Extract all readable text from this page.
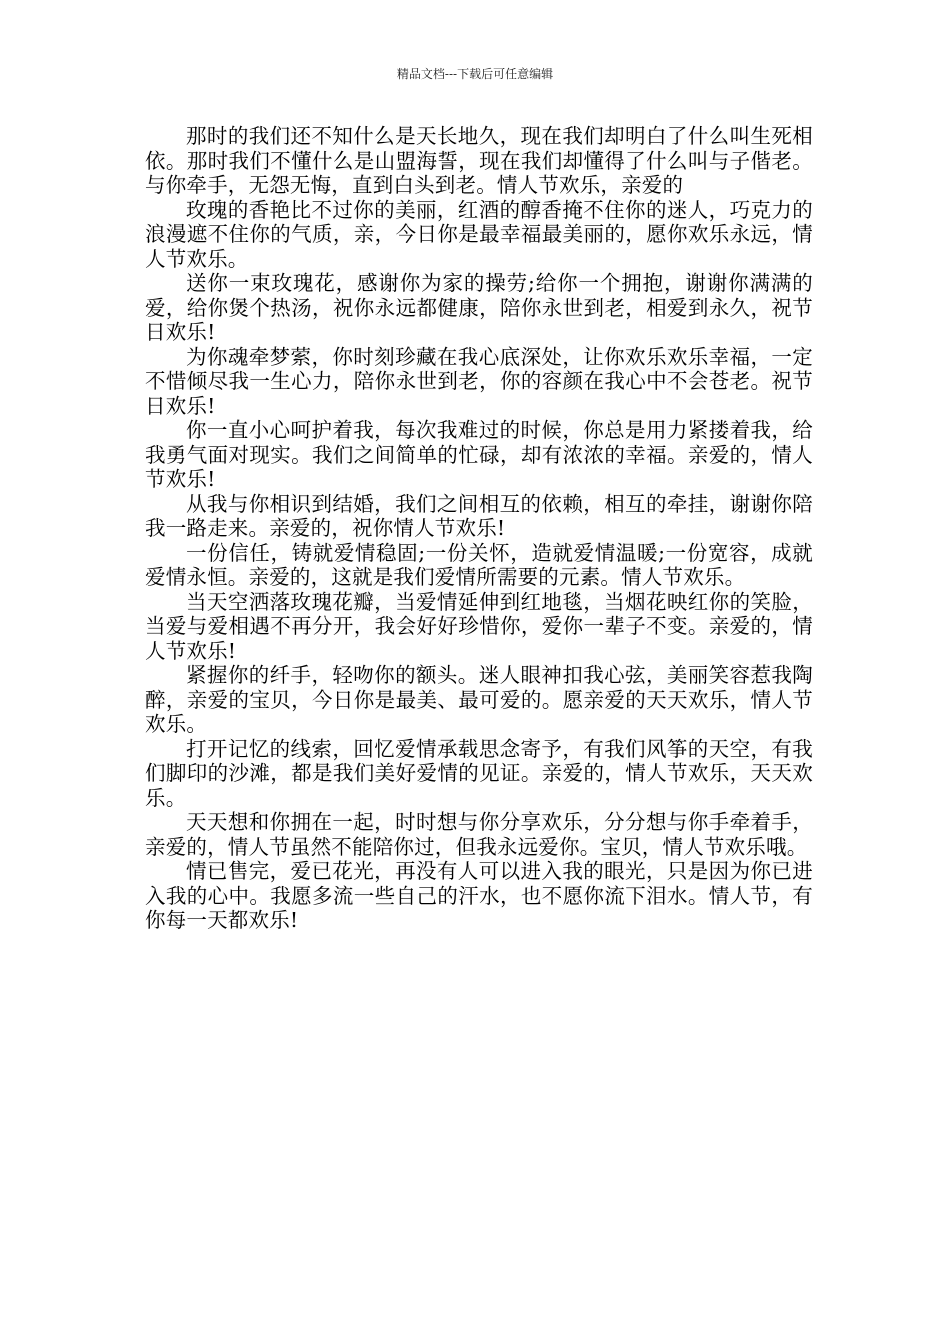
精品文档---下载后可任意编辑

那时的我们还不知什么是天长地久，现在我们却明白了什么叫生死相依。那时我们不懂什么是山盟海誓，现在我们却懂得了什么叫与子偕老。与你牵手，无怨无悔，直到白头到老。情人节欢乐，亲爱的

玫瑰的香艳比不过你的美丽，红酒的醇香掩不住你的迷人，巧克力的浪漫遮不住你的气质，亲，今日你是最幸福最美丽的，愿你欢乐永远，情人节欢乐。

送你一束玫瑰花，感谢你为家的操劳;给你一个拥抱，谢谢你满满的爱，给你煲个热汤，祝你永远都健康，陪你永世到老，相爱到永久，祝节日欢乐!

为你魂牵梦萦，你时刻珍藏在我心底深处，让你欢乐欢乐幸福，一定不惜倾尽我一生心力，陪你永世到老，你的容颜在我心中不会苍老。祝节日欢乐!

你一直小心呵护着我，每次我难过的时候，你总是用力紧搂着我，给我勇气面对现实。我们之间简单的忙碌，却有浓浓的幸福。亲爱的，情人节欢乐!

从我与你相识到结婚，我们之间相互的依赖，相互的牵挂，谢谢你陪我一路走来。亲爱的，祝你情人节欢乐!

一份信任，铸就爱情稳固;一份关怀，造就爱情温暖;一份宽容，成就爱情永恒。亲爱的，这就是我们爱情所需要的元素。情人节欢乐。

当天空洒落玫瑰花瓣，当爱情延伸到红地毯，当烟花映红你的笑脸，当爱与爱相遇不再分开，我会好好珍惜你，爱你一辈子不变。亲爱的，情人节欢乐!

紧握你的纤手，轻吻你的额头。迷人眼神扣我心弦，美丽笑容惹我陶醉，亲爱的宝贝，今日你是最美、最可爱的。愿亲爱的天天欢乐，情人节欢乐。

打开记忆的线索，回忆爱情承载思念寄予，有我们风筝的天空，有我们脚印的沙滩，都是我们美好爱情的见证。亲爱的，情人节欢乐，天天欢乐。

天天想和你拥在一起，时时想与你分享欢乐，分分想与你手牵着手，亲爱的，情人节虽然不能陪你过，但我永远爱你。宝贝，情人节欢乐哦。

情已售完，爱已花光，再没有人可以进入我的眼光，只是因为你已进入我的心中。我愿多流一些自己的汗水，也不愿你流下泪水。情人节，有你每一天都欢乐!
